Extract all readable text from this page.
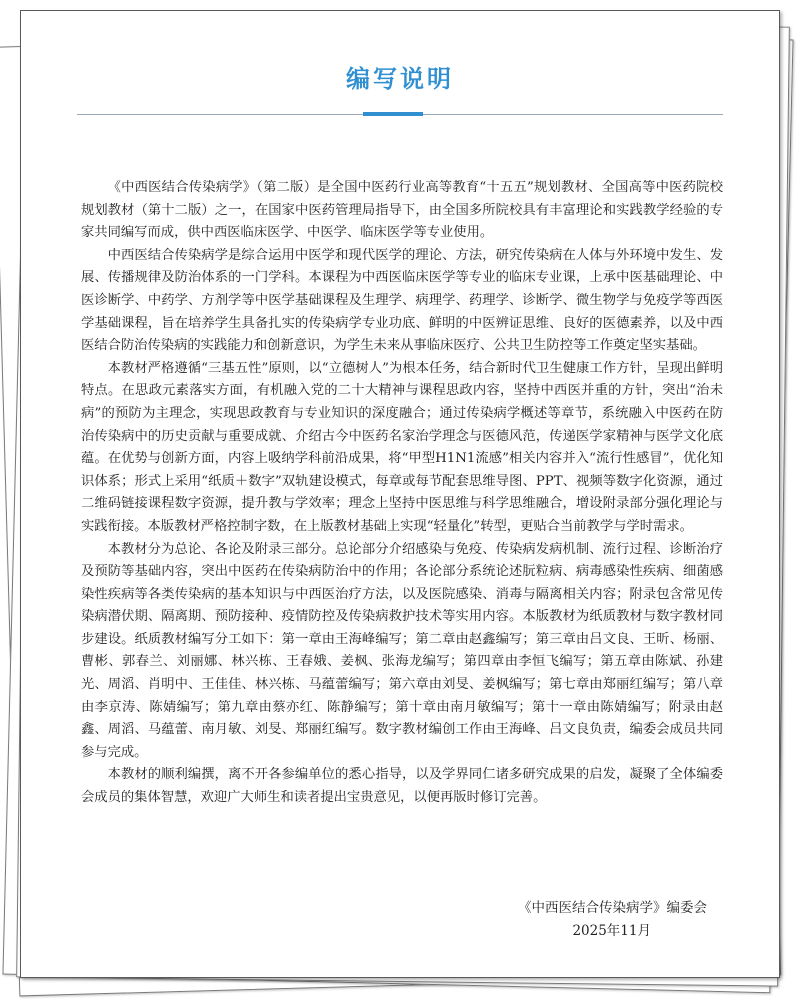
编写说明

《中西医结合传染病学》（第二版）是全国中医药行业高等教育“十五五”规划教材、全国高等中医药院校规划教材（第十二版）之一，在国家中医药管理局指导下，由全国多所院校具有丰富理论和实践教学经验的专家共同编写而成，供中西医临床医学、中医学、临床医学等专业使用。

中西医结合传染病学是综合运用中医学和现代医学的理论、方法，研究传染病在人体与外环境中发生、发展、传播规律及防治体系的一门学科。本课程为中西医临床医学等专业的临床专业课，上承中医基础理论、中医诊断学、中药学、方剂学等中医学基础课程及生理学、病理学、药理学、诊断学、微生物学与免疫学等西医学基础课程，旨在培养学生具备扎实的传染病学专业功底、鲜明的中医辨证思维、良好的医德素养，以及中西医结合防治传染病的实践能力和创新意识，为学生未来从事临床医疗、公共卫生防控等工作奠定坚实基础。

本教材严格遵循“三基五性”原则，以“立德树人”为根本任务，结合新时代卫生健康工作方针，呈现出鲜明特点。在思政元素落实方面，有机融入党的二十大精神与课程思政内容，坚持中西医并重的方针，突出“治未病”的预防为主理念，实现思政教育与专业知识的深度融合；通过传染病学概述等章节，系统融入中医药在防治传染病中的历史贡献与重要成就、介绍古今中医药名家治学理念与医德风范，传递医学家精神与医学文化底蕴。在优势与创新方面，内容上吸纳学科前沿成果，将“甲型H1N1流感”相关内容并入“流行性感冒”，优化知识体系；形式上采用“纸质＋数字”双轨建设模式，每章或每节配套思维导图、PPT、视频等数字化资源，通过二维码链接课程数字资源，提升教与学效率；理念上坚持中医思维与科学思维融合，增设附录部分强化理论与实践衔接。本版教材严格控制字数，在上版教材基础上实现“轻量化”转型，更贴合当前教学与学时需求。

本教材分为总论、各论及附录三部分。总论部分介绍感染与免疫、传染病发病机制、流行过程、诊断治疗及预防等基础内容，突出中医药在传染病防治中的作用；各论部分系统论述朊粒病、病毒感染性疾病、细菌感染性疾病等各类传染病的基本知识与中西医治疗方法，以及医院感染、消毒与隔离相关内容；附录包含常见传染病潜伏期、隔离期、预防接种、疫情防控及传染病救护技术等实用内容。本版教材为纸质教材与数字教材同步建设。纸质教材编写分工如下：第一章由王海峰编写；第二章由赵鑫编写；第三章由吕文良、王昕、杨丽、曹彬、郭春兰、刘丽娜、林兴栋、王春娥、姜枫、张海龙编写；第四章由李恒飞编写；第五章由陈斌、孙建光、周滔、肖明中、王佳佳、林兴栋、马蕴蕾编写；第六章由刘旻、姜枫编写；第七章由郑丽红编写；第八章由李京涛、陈婧编写；第九章由蔡亦红、陈静编写；第十章由南月敏编写；第十一章由陈婧编写；附录由赵鑫、周滔、马蕴蕾、南月敏、刘旻、郑丽红编写。数字教材编创工作由王海峰、吕文良负责，编委会成员共同参与完成。

本教材的顺利编撰，离不开各参编单位的悉心指导，以及学界同仁诸多研究成果的启发，凝聚了全体编委会成员的集体智慧，欢迎广大师生和读者提出宝贵意见，以便再版时修订完善。

《中西医结合传染病学》编委会
2025年11月
